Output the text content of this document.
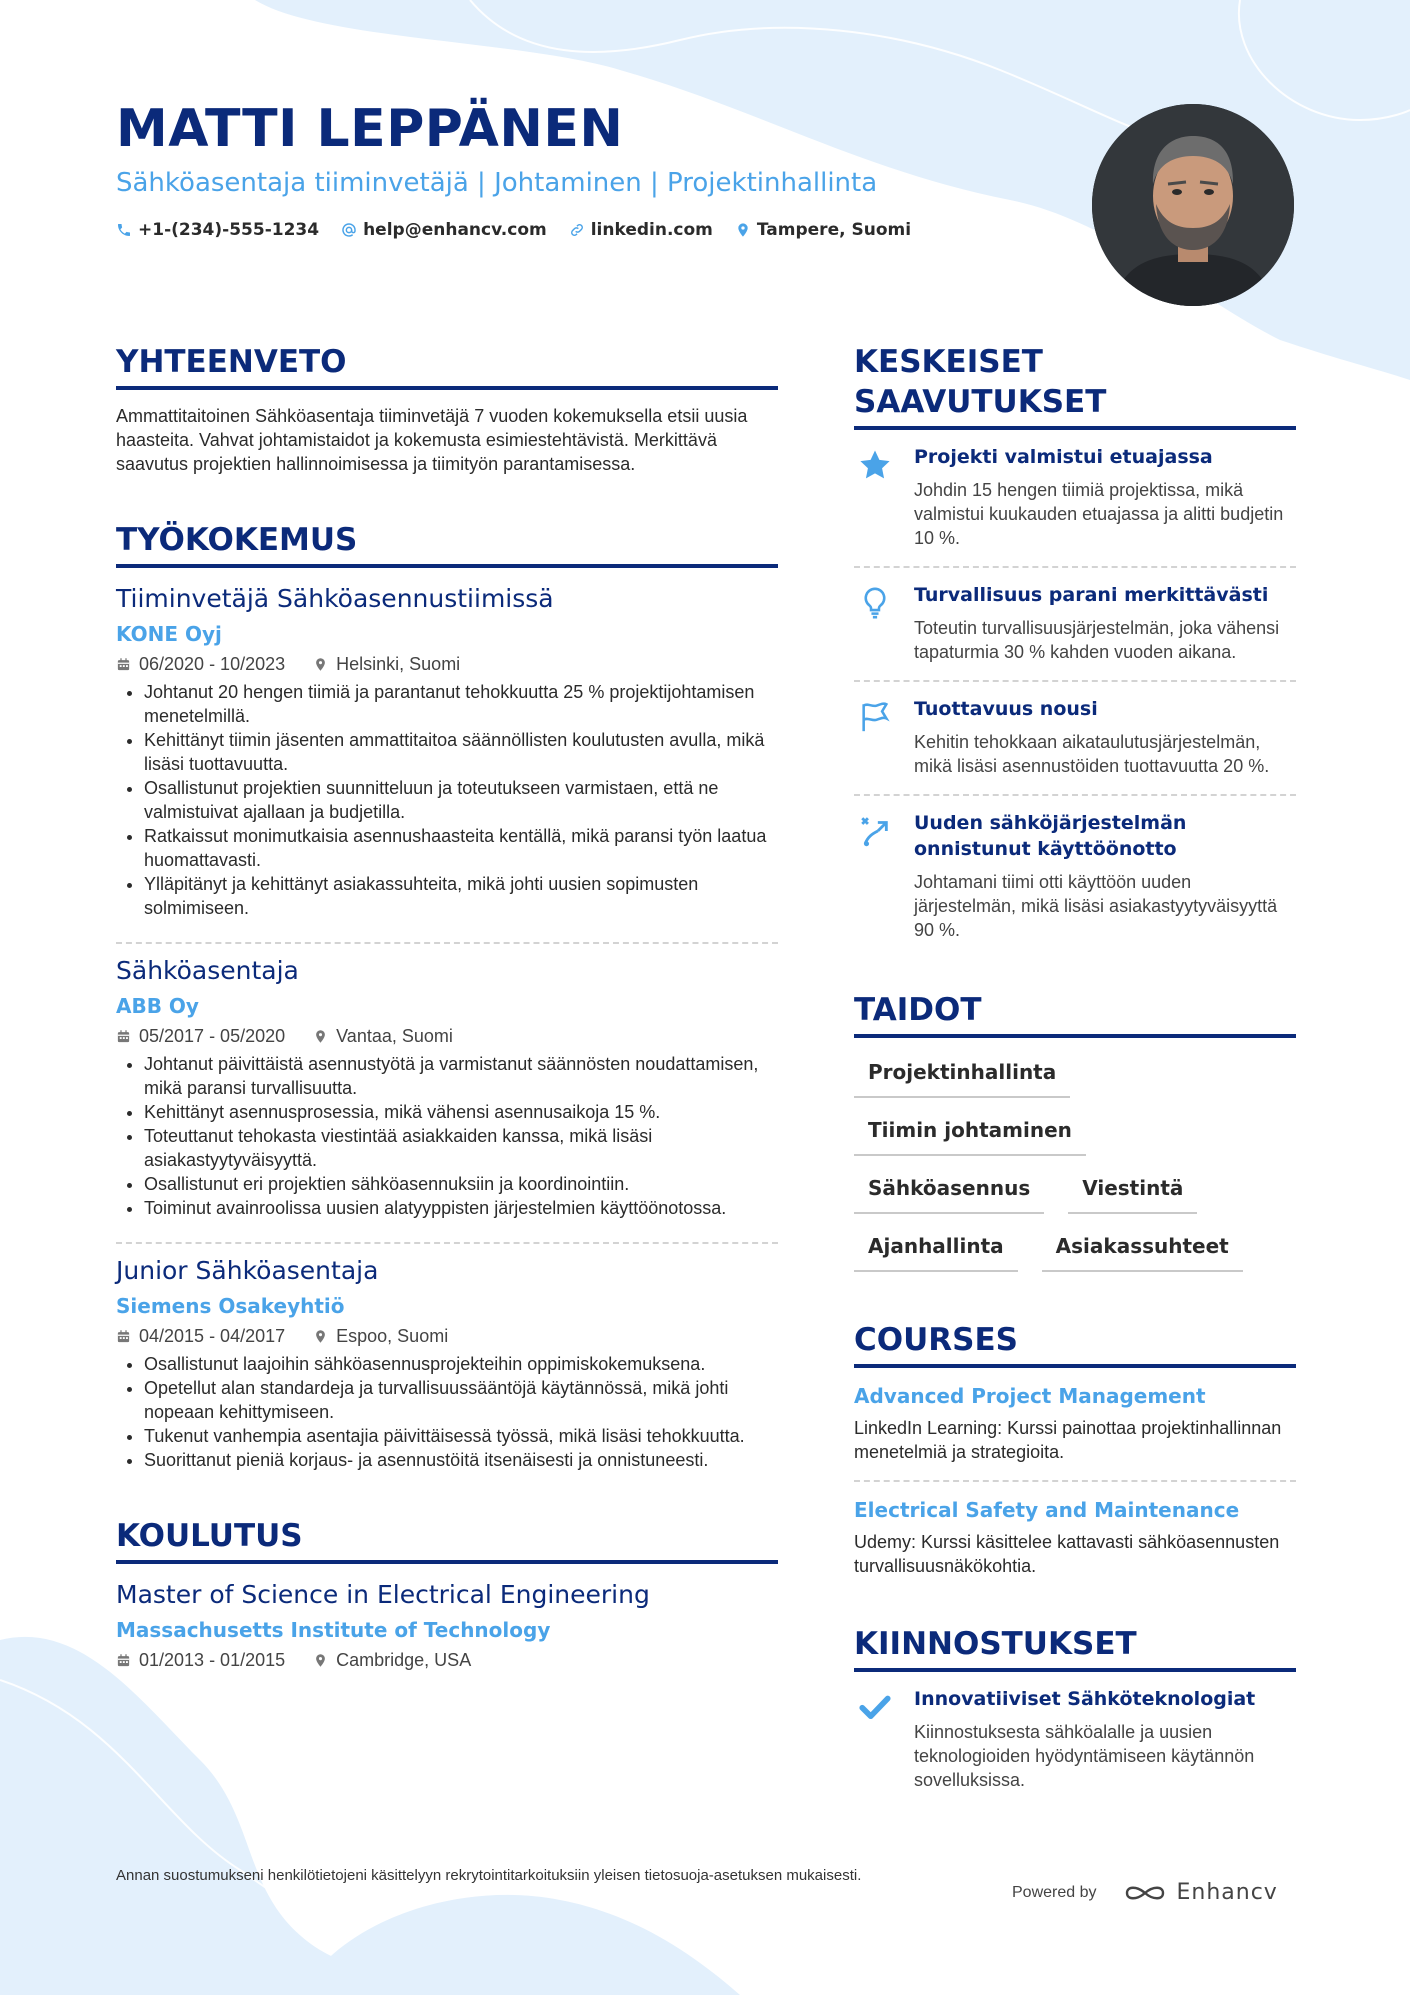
MATTI LEPPÄNEN
Sähköasentaja tiiminvetäjä | Johtaminen | Projektinhallinta
+1-(234)-555-1234	help@enhancv.com	linkedin.com	Tampere, Suomi
YHTEENVETO

Ammattitaitoinen Sähköasentaja tiiminvetäjä 7 vuoden kokemuksella etsii uusia haasteita. Vahvat johtamistaidot ja kokemusta esimiestehtävistä. Merkittävä saavutus projektien hallinnoimisessa ja tiimityön parantamisessa.

TYÖKOKEMUS
Tiiminvetäjä Sähköasennustiimissä
KONE Oyj
06/2020 - 10/2023	Helsinki, Suomi
• Johtanut 20 hengen tiimiä ja parantanut tehokkuutta 25 % projektijohtamisen menetelmillä.
• Kehittänyt tiimin jäsenten ammattitaitoa säännöllisten koulutusten avulla, mikä lisäsi tuottavuutta.
• Osallistunut projektien suunnitteluun ja toteutukseen varmistaen, että ne valmistuivat ajallaan ja budjetilla.
• Ratkaissut monimutkaisia asennushaasteita kentällä, mikä paransi työn laatua huomattavasti.
• Ylläpitänyt ja kehittänyt asiakassuhteita, mikä johti uusien sopimusten solmimiseen.
Sähköasentaja
ABB Oy
05/2017 - 05/2020	Vantaa, Suomi
• Johtanut päivittäistä asennustyötä ja varmistanut säännösten noudattamisen, mikä paransi turvallisuutta.
• Kehittänyt asennusprosessia, mikä vähensi asennusaikoja 15 %.
• Toteuttanut tehokasta viestintää asiakkaiden kanssa, mikä lisäsi asiakastyytyväisyyttä.
• Osallistunut eri projektien sähköasennuksiin ja koordinointiin.
• Toiminut avainroolissa uusien alatyyppisten järjestelmien käyttöönotossa.
Junior Sähköasentaja
Siemens Osakeyhtiö
04/2015 - 04/2017	Espoo, Suomi
• Osallistunut laajoihin sähköasennusprojekteihin oppimiskokemuksena.
• Opetellut alan standardeja ja turvallisuussääntöjä käytännössä, mikä johti nopeaan kehittymiseen.
• Tukenut vanhempia asentajia päivittäisessä työssä, mikä lisäsi tehokkuutta.
• Suorittanut pieniä korjaus- ja asennustöitä itsenäisesti ja onnistuneesti.
KOULUTUS
Master of Science in Electrical Engineering
Massachusetts Institute of Technology
01/2013 - 01/2015	Cambridge, USA
KESKEISET SAAVUTUKSET
Projekti valmistui etuajassa
Johdin 15 hengen tiimiä projektissa, mikä valmistui kuukauden etuajassa ja alitti budjetin 10 %.
Turvallisuus parani merkittävästi
Toteutin turvallisuusjärjestelmän, joka vähensi tapaturmia 30 % kahden vuoden aikana.
Tuottavuus nousi
Kehitin tehokkaan aikataulutusjärjestelmän, mikä lisäsi asennustöiden tuottavuutta 20 %.
Uuden sähköjärjestelmän onnistunut käyttöönotto
Johtamani tiimi otti käyttöön uuden järjestelmän, mikä lisäsi asiakastyytyväisyyttä 90 %.
TAIDOT
Projektinhallinta
Tiimin johtaminen
Sähköasennus	Viestintä
Ajanhallinta	Asiakassuhteet
COURSES
Advanced Project Management
LinkedIn Learning: Kurssi painottaa projektinhallinnan menetelmiä ja strategioita.
Electrical Safety and Maintenance
Udemy: Kurssi käsittelee kattavasti sähköasennusten turvallisuusnäkökohtia.
KIINNOSTUKSET
Innovatiiviset Sähköteknologiat
Kiinnostuksesta sähköalalle ja uusien teknologioiden hyödyntämiseen käytännön sovelluksissa.
Annan suostumukseni henkilötietojeni käsittelyyn rekrytointitarkoituksiin yleisen tietosuoja-asetuksen mukaisesti.
Powered by	Enhancv
